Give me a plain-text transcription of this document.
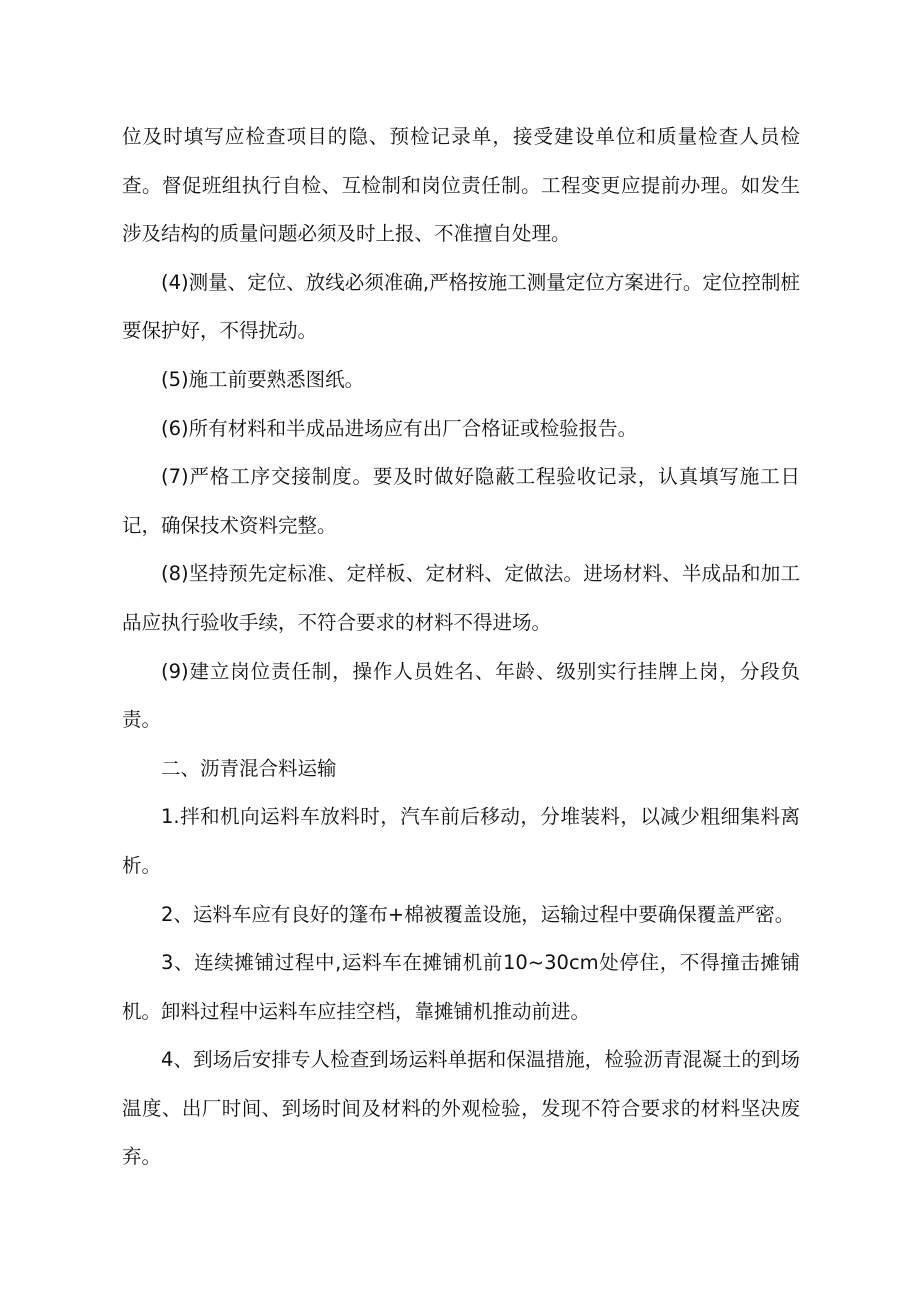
位及时填写应检查项目的隐、预检记录单，接受建设单位和质量检查人员检查。督促班组执行自检、互检制和岗位责任制。工程变更应提前办理。如发生涉及结构的质量问题必须及时上报、不准擅自处理。

(4)测量、定位、放线必须准确,严格按施工测量定位方案进行。定位控制桩要保护好，不得扰动。

(5)施工前要熟悉图纸。

(6)所有材料和半成品进场应有出厂合格证或检验报告。

(7)严格工序交接制度。要及时做好隐蔽工程验收记录，认真填写施工日记，确保技术资料完整。

(8)坚持预先定标准、定样板、定材料、定做法。进场材料、半成品和加工品应执行验收手续，不符合要求的材料不得进场。

(9)建立岗位责任制，操作人员姓名、年龄、级别实行挂牌上岗，分段负责。

二、沥青混合料运输

1.拌和机向运料车放料时，汽车前后移动，分堆装料，以减少粗细集料离析。

2、运料车应有良好的篷布+棉被覆盖设施，运输过程中要确保覆盖严密。

3、连续摊铺过程中,运料车在摊铺机前10~30cm处停住，不得撞击摊铺机。卸料过程中运料车应挂空档，靠摊铺机推动前进。

4、到场后安排专人检查到场运料单据和保温措施，检验沥青混凝土的到场温度、出厂时间、到场时间及材料的外观检验，发现不符合要求的材料坚决废弃。
